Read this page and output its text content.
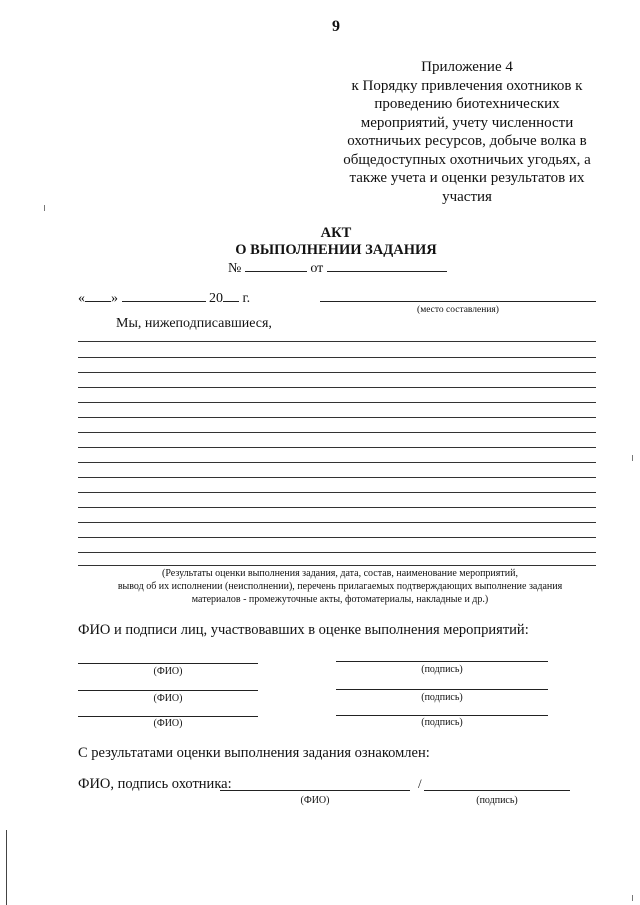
9
Приложение 4
к Порядку привлечения охотников к
проведению биотехнических
мероприятий, учету численности
охотничьих ресурсов, добыче волка в
общедоступных охотничьих угодьях, а
также учета и оценки результатов их
участия
АКТ
О ВЫПОЛНЕНИИ ЗАДАНИЯ
№	от
« »	20 г.
(место составления)
Мы, нижеподписавшиеся,
(Результаты оценки выполнения задания, дата, состав, наименование мероприятий,
вывод об их исполнении (неисполнении), перечень прилагаемых подтверждающих выполнение задания
материалов - промежуточные акты, фотоматериалы, накладные и др.)
ФИО и подписи лиц, участвовавших в оценке выполнения мероприятий:
(ФИО)	(подпись)
(ФИО)	(подпись)
(ФИО)	(подпись)
С результатами оценки выполнения задания ознакомлен:
ФИО, подпись охотника:	/
(ФИО)	(подпись)
